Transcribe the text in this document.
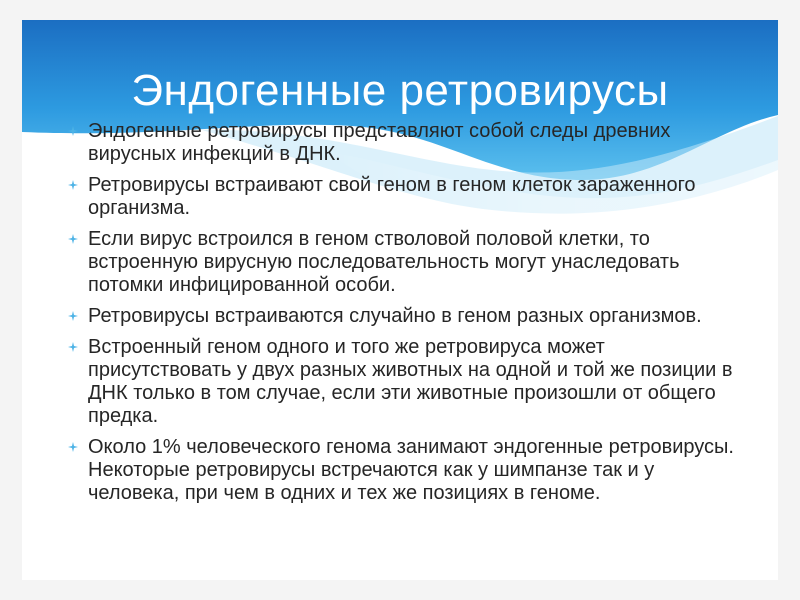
Эндогенные ретровирусы
Эндогенные ретровирусы представляют собой следы древних вирусных инфекций в ДНК.
Ретровирусы встраивают свой геном в геном клеток зараженного организма.
Если вирус встроился в геном стволовой половой клетки, то встроенную вирусную последовательность могут унаследовать потомки инфицированной особи.
Ретровирусы встраиваются случайно в геном разных организмов.
Встроенный геном одного и того же ретровируса может присутствовать у двух разных животных на одной и той же позиции в ДНК только в том случае, если эти животные произошли от общего предка.
Около 1% человеческого генома занимают эндогенные ретровирусы. Некоторые ретровирусы встречаются как у шимпанзе так и у человека, при чем в одних и тех же позициях в геноме.
